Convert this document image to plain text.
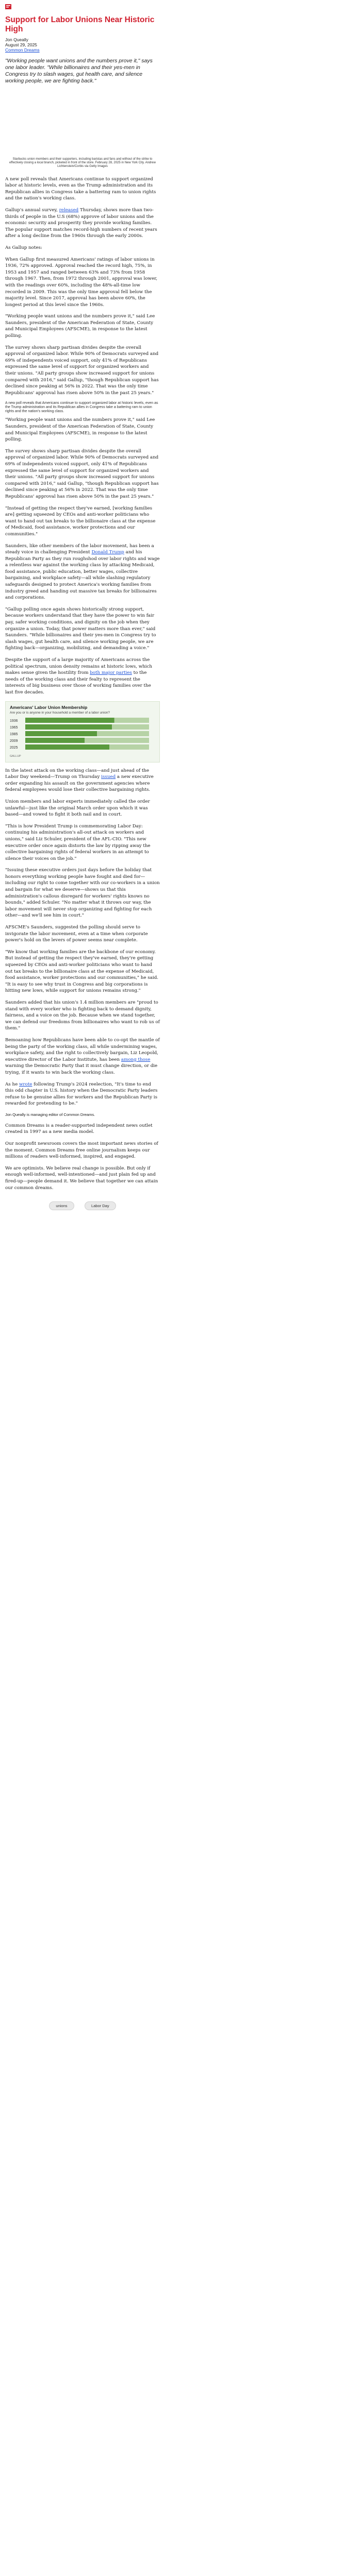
Support for Labor Unions Near Historic High
Jon Queally
August 29, 2025
Common Dreams
"Working people want unions and the numbers prove it," says one labor leader. "While billionaires and their yes-men in Congress try to slash wages, gut health care, and silence working people, we are fighting back."
Starbucks union members and their supporters, including baristas and fans and without of the strike to effectively closing a local branch, picketed in front of the store. February 28, 2025 in New York City. Andrew Lichtenstein/Corbis via Getty Images

A new poll reveals that Americans continue to support organized labor at historic levels, even as the Trump administration and its Republican allies in Congress take a battering ram to union rights and the nation's working class.

Gallup's annual survey, released Thursday, shows more than two-thirds of people in the U.S (68%) approve of labor unions and the economic security and prosperity they provide working families. The popular support matches record-high numbers of recent years after a long decline from the 1960s through the early 2000s.

As Gallup notes:

When Gallup first measured Americans' ratings of labor unions in 1936, 72% approved. Approval reached the record high, 75%, in 1953 and 1957 and ranged between 63% and 73% from 1958 through 1967. Then, from 1972 through 2001, approval was lower, with the readings over 60%, including the 48%-all-time low recorded in 2009. This was the only time approval fell below the majority level. Since 2017, approval has been above 60%, the longest period at this level since the 1960s.

"Working people want unions and the numbers prove it," said Lee Saunders, president of the American Federation of State, County and Municipal Employees (AFSCME), in response to the latest polling.

The survey shows sharp partisan divides despite the overall approval of organized labor. While 90% of Democrats surveyed and 69% of independents voiced support, only 41% of Republicans expressed the same level of support for organized workers and their unions. "All party groups show increased support for unions compared with 2016," said Gallup, "though Republican support has declined since peaking at 56% in 2022. That was the only time Republicans' approval has risen above 50% in the past 25 years."

A new poll reveals that Americans continue to support organized labor at historic levels, even as the Trump administration and its Republican allies in Congress take a battering ram to union rights and the nation's working class.

"Working people want unions and the numbers prove it," said Lee Saunders, president of the American Federation of State, County and Municipal Employees (AFSCME), in response to the latest polling.

The survey shows sharp partisan divides despite the overall approval of organized labor. While 90% of Democrats surveyed and 69% of independents voiced support, only 41% of Republicans expressed the same level of support for organized workers and their unions. "All party groups show increased support for unions compared with 2016," said Gallup, "though Republican support has declined since peaking at 56% in 2022. That was the only time Republicans' approval has risen above 50% in the past 25 years."

"Instead of getting the respect they've earned, [working families are] getting squeezed by CEOs and anti-worker politicians who want to hand out tax breaks to the billionaire class at the expense of Medicaid, food assistance, worker protections and our communities."

Saunders, like other members of the labor movement, has been a steady voice in challenging President Donald Trump and his Republican Party as they run roughshod over labor rights and wage a relentless war against the working class by attacking Medicaid, food assistance, public education, better wages, collective bargaining, and workplace safety—all while slashing regulatory safeguards designed to protect America's working families from industry greed and handing out massive tax breaks for billionaires and corporations.

"Gallup polling once again shows historically strong support, because workers understand that they have the power to win fair pay, safer working conditions, and dignity on the job when they organize a union. Today, that power matters more than ever," said Saunders. "While billionaires and their yes-men in Congress try to slash wages, gut health care, and silence working people, we are fighting back—organizing, mobilizing, and demanding a voice."

Despite the support of a large majority of Americans across the political spectrum, union density remains at historic lows, which makes sense given the hostility from both major parties to the needs of the working class and their fealty to represent the interests of big business over those of working families over the last five decades.

Americans' Labor Union Membership
Are you or is anyone in your household a member of a labor union?
1936
1965
1985
2009
2025
GALLUP

In the latest attack on the working class—and just ahead of the Labor Day weekend—Trump on Thursday issued a new executive order expanding his assault on the government agencies where federal employees would lose their collective bargaining rights.

Union members and labor experts immediately called the order unlawful—just like the original March order upon which it was based—and vowed to fight it both nail and in court.

"This is how President Trump is commemorating Labor Day: continuing his administration's all-out attack on workers and unions," said Liz Schuler, president of the AFL-CIO. "This new executive order once again distorts the law by ripping away the collective bargaining rights of federal workers in an attempt to silence their voices on the job."

"Issuing these executive orders just days before the holiday that honors everything working people have fought and died for—including our right to come together with our co-workers in a union and bargain for what we deserve—shows us that this administration's callous disregard for workers' rights knows no bounds," added Schuler. "No matter what it throws our way, the labor movement will never stop organizing and fighting for each other—and we'll see him in court."

AFSCME's Saunders, suggested the polling should serve to invigorate the labor movement, even at a time when corporate power's hold on the levers of power seems near complete.

"We know that working families are the backbone of our economy. But instead of getting the respect they've earned, they're getting squeezed by CEOs and anti-worker politicians who want to hand out tax breaks to the billionaire class at the expense of Medicaid, food assistance, worker protections and our communities," he said. "It is easy to see why trust in Congress and big corporations is hitting new lows, while support for unions remains strong."

Saunders added that his union's 1.4 million members are "proud to stand with every worker who is fighting back to demand dignity, fairness, and a voice on the job. Because when we stand together, we can defend our freedoms from billionaires who want to rob us of them."

Bemoaning how Republicans have been able to co-opt the mantle of being the party of the working class, all while undermining wages, workplace safety, and the right to collectively bargain, Liz Leopold, executive director of the Labor Institute, has been among those warning the Democratic Party that it must change direction, or die trying, if it wants to win back the working class.

As he wrote following Trump's 2024 reelection, "It's time to end this odd chapter in U.S. history when the Democratic Party leaders refuse to be genuine allies for workers and the Republican Party is rewarded for pretending to be."

Jon Queally is managing editor of Common Dreams.

Common Dreams is a reader-supported independent news outlet created in 1997 as a new media model.

Our nonprofit newsroom covers the most important news stories of the moment. Common Dreams free online journalism keeps our millions of readers well-informed, inspired, and engaged.

We are optimists. We believe real change is possible. But only if enough well-informed, well-intentioned—and just plain fed up and fired-up—people demand it. We believe that together we can attain our common dreams.

unions	Labor Day
